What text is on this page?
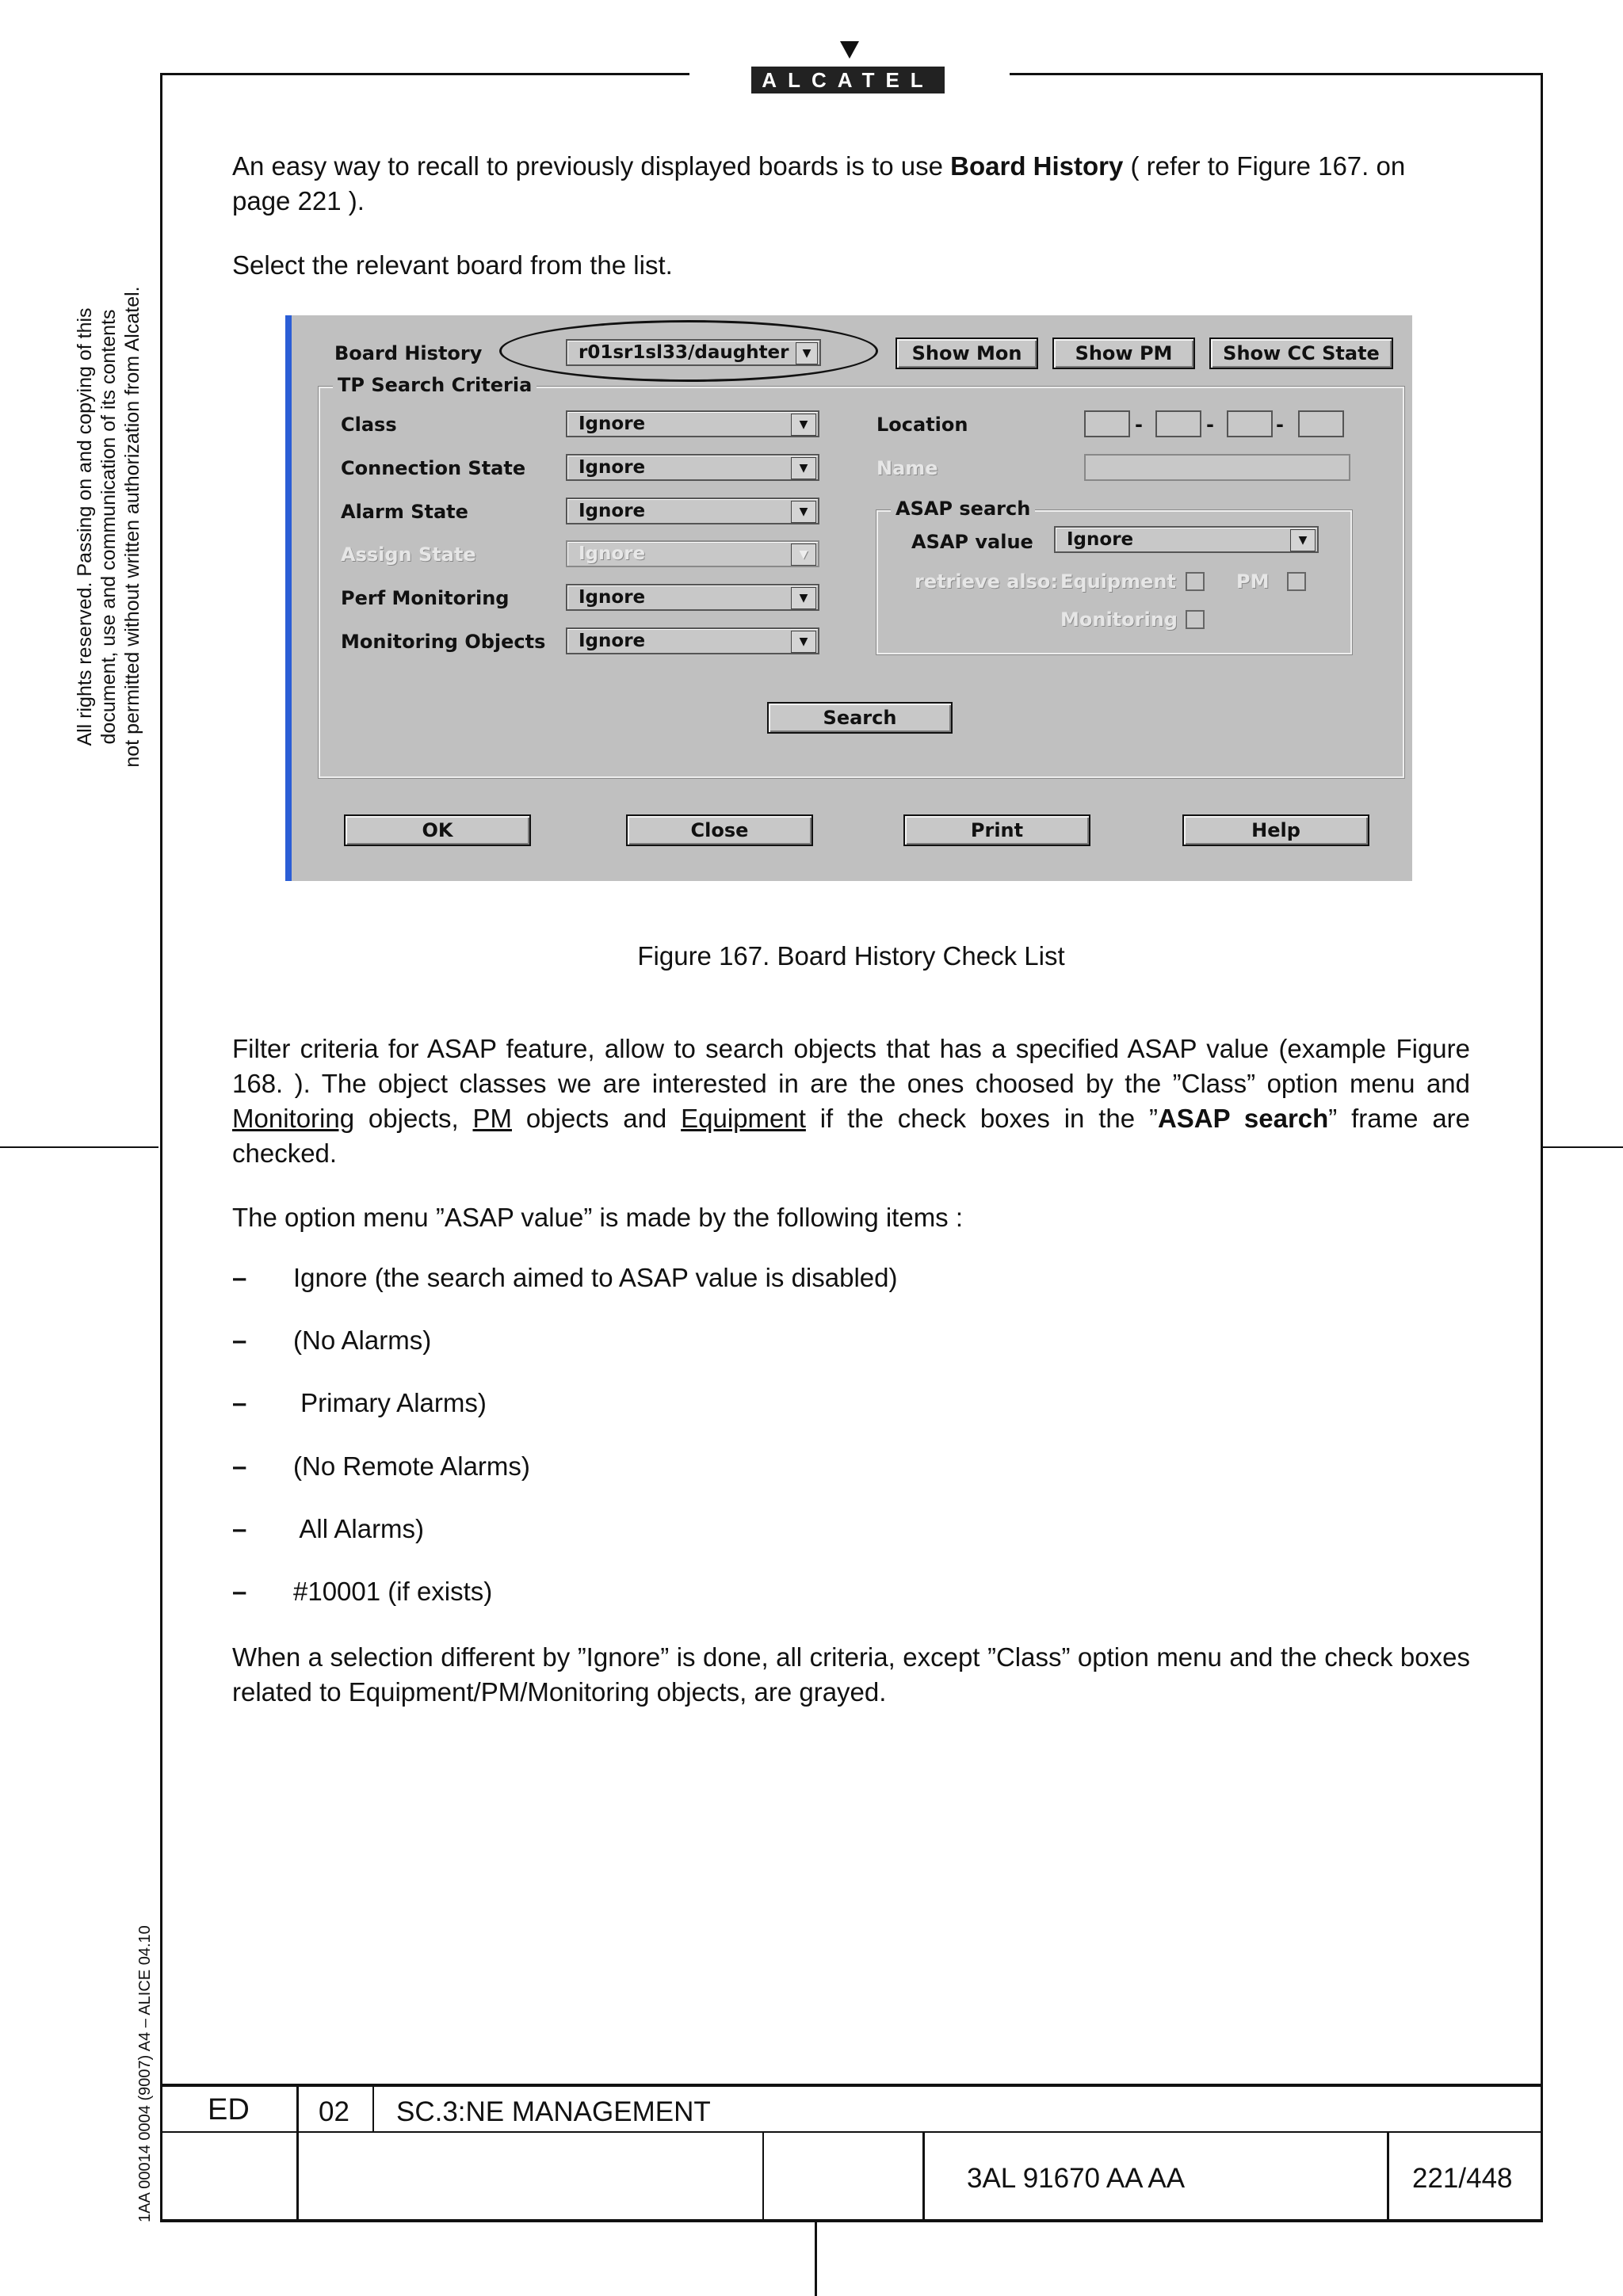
ALCATEL
All rights reserved. Passing on and copying of this document, use and communication of its contents not permitted without written authorization from Alcatel.
1AA 00014 0004 (9007) A4 – ALICE 04.10
An easy way to recall to previously displayed boards is to use Board History ( refer to Figure 167. on page 221 ).
Select the relevant board from the list.
Board History	r01sr1sl33/daughter	▼	Show Mon	Show PM	Show CC State
TP Search Criteria
Class	Ignore	▼
Connection State	Ignore	▼
Alarm State	Ignore	▼
Assign State	Ignore	▼
Perf Monitoring	Ignore	▼
Monitoring Objects	Ignore	▼
Location	-	-	-
Name
ASAP search
ASAP value	Ignore	▼
retrieve also: Equipment	PM
Monitoring
Search
OK	Close	Print	Help
Figure 167. Board History Check List
Filter criteria for ASAP feature, allow to search objects that has a specified ASAP value (example Figure 168. ). The object classes we are interested in are the ones choosed by the ”Class” option menu and Monitoring objects, PM objects and Equipment if the check boxes in the ”ASAP search” frame are checked.
The option menu ”ASAP value” is made by the following items :
– Ignore (the search aimed to ASAP value is disabled)
– (No Alarms)
– Primary Alarms)
– (No Remote Alarms)
– All Alarms)
– #10001 (if exists)
When a selection different by ”Ignore” is done, all criteria, except ”Class” option menu and the check boxes related to Equipment/PM/Monitoring objects, are grayed.
ED 02 SC.3:NE MANAGEMENT
3AL 91670 AA AA	221/448
